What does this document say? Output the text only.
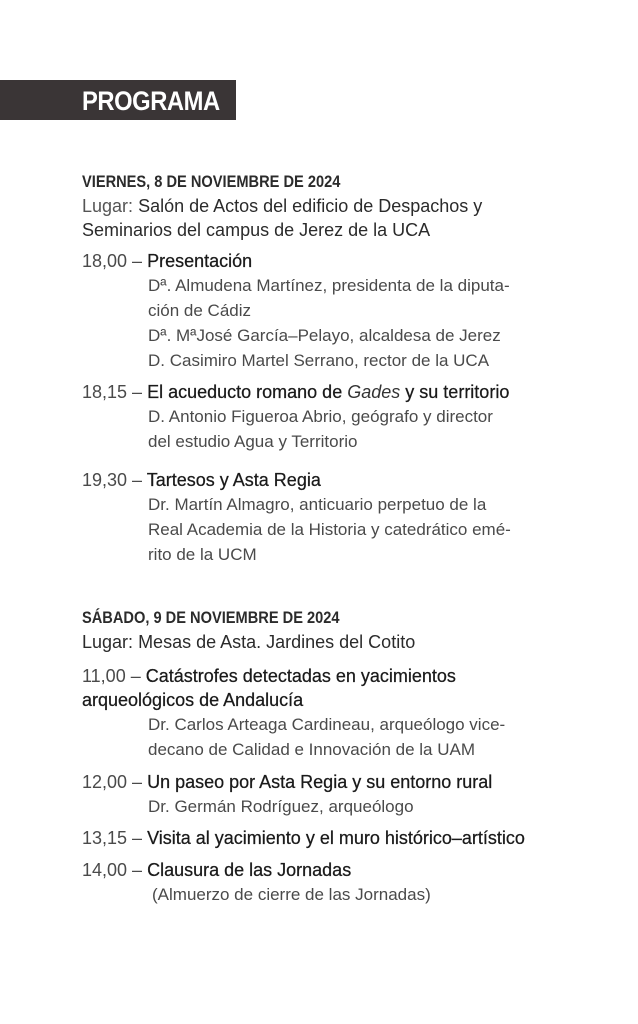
PROGRAMA
VIERNES, 8 DE NOVIEMBRE DE 2024
Lugar: Salón de Actos del edificio de Despachos y
Seminarios del campus de Jerez de la UCA
18,00 – Presentación
Dª. Almudena Martínez, presidenta de la diputa-
ción de Cádiz
Dª. MªJosé García–Pelayo, alcaldesa de Jerez
D. Casimiro Martel Serrano, rector de la UCA
18,15 – El acueducto romano de Gades y su territorio
D. Antonio Figueroa Abrio, geógrafo y director
del estudio Agua y Territorio
19,30 – Tartesos y Asta Regia
Dr. Martín Almagro, anticuario perpetuo de la
Real Academia de la Historia y catedrático emé-
rito de la UCM
SÁBADO, 9 DE NOVIEMBRE DE 2024
Lugar: Mesas de Asta. Jardines del Cotito
11,00 – Catástrofes detectadas en yacimientos
arqueológicos de Andalucía
Dr. Carlos Arteaga Cardineau, arqueólogo vice-
decano de Calidad e Innovación de la UAM
12,00 – Un paseo por Asta Regia y su entorno rural
Dr. Germán Rodríguez, arqueólogo
13,15 – Visita al yacimiento y el muro histórico–artístico
14,00 – Clausura de las Jornadas
(Almuerzo de cierre de las Jornadas)
